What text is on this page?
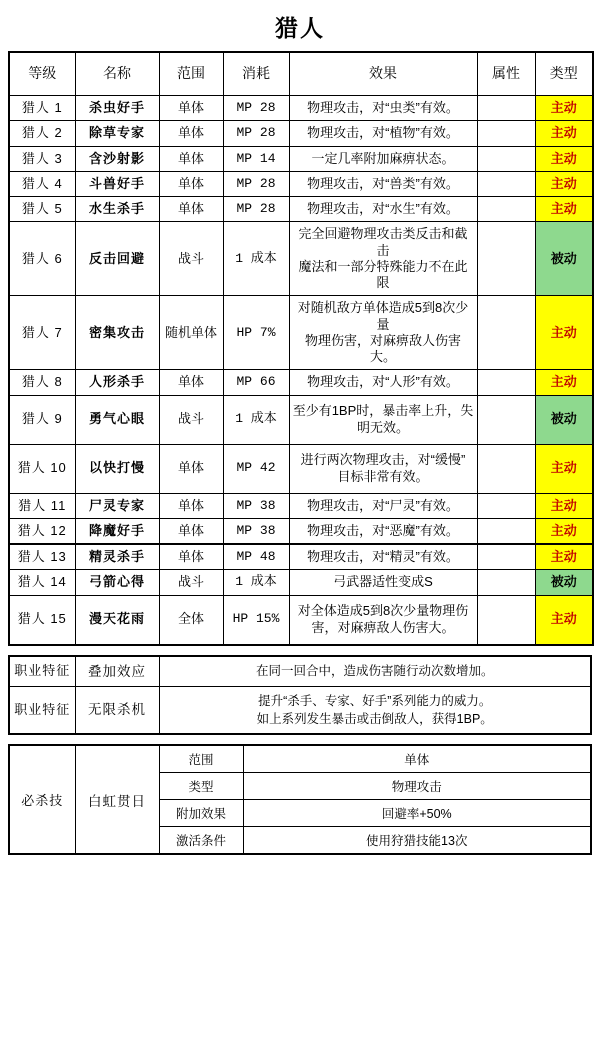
猎人
等级	名称	范围	消耗	效果	属性	类型
猎人 1	杀虫好手	单体	MP 28	物理攻击，对“虫类”有效。		主动
猎人 2	除草专家	单体	MP 28	物理攻击，对“植物”有效。		主动
猎人 3	含沙射影	单体	MP 14	一定几率附加麻痹状态。		主动
猎人 4	斗兽好手	单体	MP 28	物理攻击，对“兽类”有效。		主动
猎人 5	水生杀手	单体	MP 28	物理攻击，对“水生”有效。		主动
猎人 6	反击回避	战斗	1 成本	完全回避物理攻击类反击和截击
魔法和一部分特殊能力不在此限		被动
猎人 7	密集攻击	随机单体	HP 7%	对随机敌方单体造成5到8次少量
物理伤害，对麻痹敌人伤害大。		主动
猎人 8	人形杀手	单体	MP 66	物理攻击，对“人形”有效。		主动
猎人 9	勇气心眼	战斗	1 成本	至少有1BP时，暴击率上升，失
明无效。		被动
猎人 10	以快打慢	单体	MP 42	进行两次物理攻击，对“缓慢”
目标非常有效。		主动
猎人 11	尸灵专家	单体	MP 38	物理攻击，对“尸灵”有效。		主动
猎人 12	降魔好手	单体	MP 38	物理攻击，对“恶魔”有效。		主动
猎人 13	精灵杀手	单体	MP 48	物理攻击，对“精灵”有效。		主动
猎人 14	弓箭心得	战斗	1 成本	弓武器适性变成S		被动
猎人 15	漫天花雨	全体	HP 15%	对全体造成5到8次少量物理伤
害，对麻痹敌人伤害大。		主动
职业特征	叠加效应	在同一回合中，造成伤害随行动次数增加。
职业特征	无限杀机	提升“杀手、专家、好手”系列能力的威力。
如上系列发生暴击或击倒敌人，获得1BP。
必杀技	白虹贯日	范围	单体
		类型	物理攻击
		附加效果	回避率+50%
		激活条件	使用狩猎技能13次
